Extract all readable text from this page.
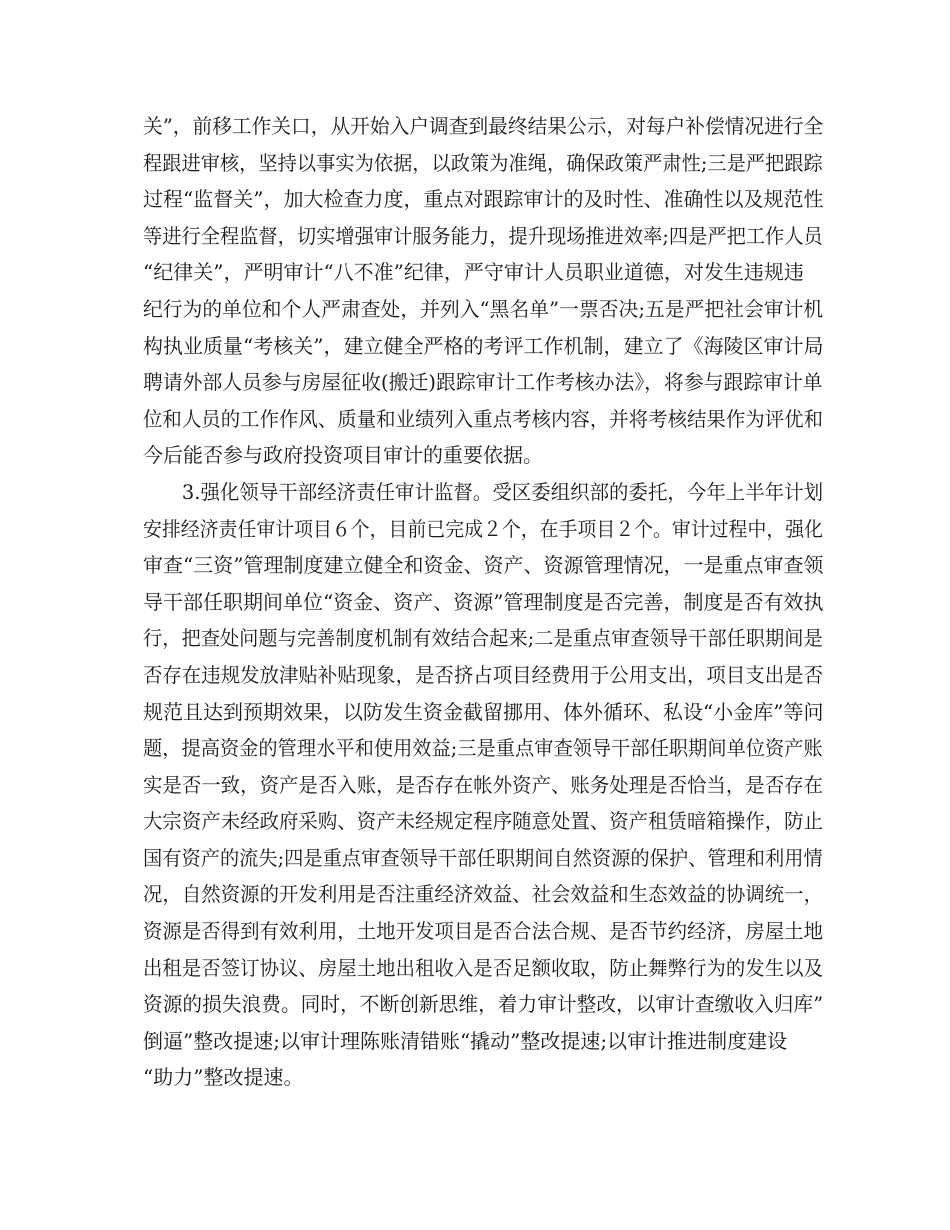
关”，前移工作关口，从开始入户调查到最终结果公示，对每户补偿情况进行全
程跟进审核，坚持以事实为依据，以政策为准绳，确保政策严肃性;三是严把跟踪
过程“监督关”，加大检查力度，重点对跟踪审计的及时性、准确性以及规范性
等进行全程监督，切实增强审计服务能力，提升现场推进效率;四是严把工作人员
“纪律关”，严明审计“八不准”纪律，严守审计人员职业道德，对发生违规违
纪行为的单位和个人严肃查处，并列入“黑名单”一票否决;五是严把社会审计机
构执业质量“考核关”，建立健全严格的考评工作机制，建立了《海陵区审计局
聘请外部人员参与房屋征收(搬迁)跟踪审计工作考核办法》，将参与跟踪审计单
位和人员的工作作风、质量和业绩列入重点考核内容，并将考核结果作为评优和
今后能否参与政府投资项目审计的重要依据。
　　3.强化领导干部经济责任审计监督。受区委组织部的委托，今年上半年计划
安排经济责任审计项目６个，目前已完成２个，在手项目２个。审计过程中，强化
审查“三资”管理制度建立健全和资金、资产、资源管理情况，一是重点审查领
导干部任职期间单位“资金、资产、资源”管理制度是否完善，制度是否有效执
行，把查处问题与完善制度机制有效结合起来;二是重点审查领导干部任职期间是
否存在违规发放津贴补贴现象，是否挤占项目经费用于公用支出，项目支出是否
规范且达到预期效果，以防发生资金截留挪用、体外循环、私设“小金库”等问
题，提高资金的管理水平和使用效益;三是重点审查领导干部任职期间单位资产账
实是否一致，资产是否入账，是否存在帐外资产、账务处理是否恰当，是否存在
大宗资产未经政府采购、资产未经规定程序随意处置、资产租赁暗箱操作，防止
国有资产的流失;四是重点审查领导干部任职期间自然资源的保护、管理和利用情
况，自然资源的开发利用是否注重经济效益、社会效益和生态效益的协调统一，
资源是否得到有效利用，土地开发项目是否合法合规、是否节约经济，房屋土地
出租是否签订协议、房屋土地出租收入是否足额收取，防止舞弊行为的发生以及
资源的损失浪费。同时，不断创新思维，着力审计整改，以审计查缴收入归库”
倒逼”整改提速;以审计理陈账清错账“撬动”整改提速;以审计推进制度建设
“助力”整改提速。
